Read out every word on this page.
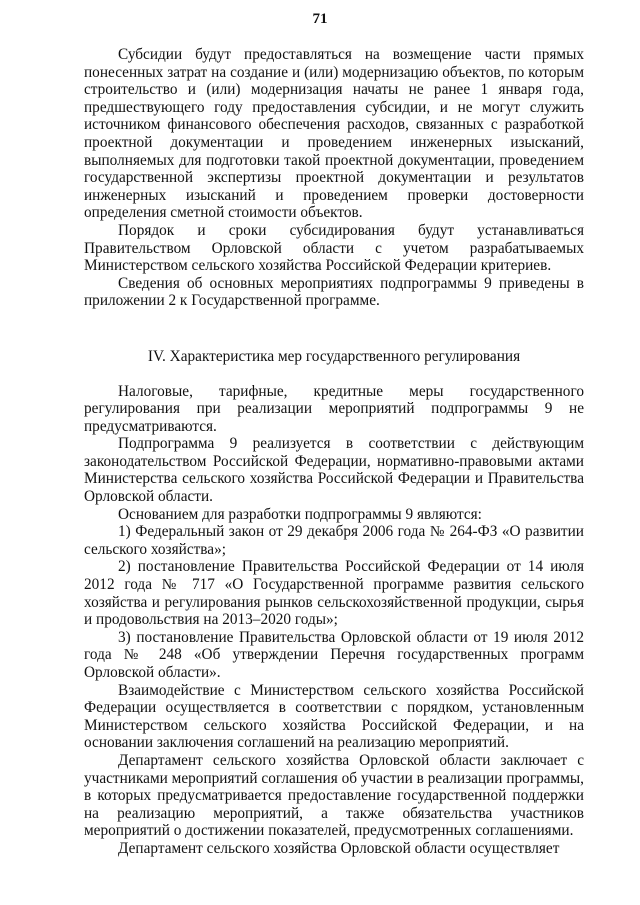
71

Субсидии будут предоставляться на возмещение части прямых понесенных затрат на создание и (или) модернизацию объектов, по которым строительство и (или) модернизация начаты не ранее 1 января года, предшествующего году предоставления субсидии, и не могут служить источником финансового обеспечения расходов, связанных с разработкой проектной документации и проведением инженерных изысканий, выполняемых для подготовки такой проектной документации, проведением государственной экспертизы проектной документации и результатов инженерных изысканий и проведением проверки достоверности определения сметной стоимости объектов.

Порядок и сроки субсидирования будут устанавливаться Правительством Орловской области с учетом разрабатываемых Министерством сельского хозяйства Российской Федерации критериев.

Сведения об основных мероприятиях подпрограммы 9 приведены в приложении 2 к Государственной программе.

IV. Характеристика мер государственного регулирования

Налоговые, тарифные, кредитные меры государственного регулирования при реализации мероприятий подпрограммы 9 не предусматриваются.

Подпрограмма 9 реализуется в соответствии с действующим законодательством Российской Федерации, нормативно-правовыми актами Министерства сельского хозяйства Российской Федерации и Правительства Орловской области.

Основанием для разработки подпрограммы 9 являются:

1) Федеральный закон от 29 декабря 2006 года № 264-ФЗ «О развитии сельского хозяйства»;

2) постановление Правительства Российской Федерации от 14 июля 2012 года № 717 «О Государственной программе развития сельского хозяйства и регулирования рынков сельскохозяйственной продукции, сырья и продовольствия на 2013–2020 годы»;

3) постановление Правительства Орловской области от 19 июля 2012 года № 248 «Об утверждении Перечня государственных программ Орловской области».

Взаимодействие с Министерством сельского хозяйства Российской Федерации осуществляется в соответствии с порядком, установленным Министерством сельского хозяйства Российской Федерации, и на основании заключения соглашений на реализацию мероприятий.

Департамент сельского хозяйства Орловской области заключает с участниками мероприятий соглашения об участии в реализации программы, в которых предусматривается предоставление государственной поддержки на реализацию мероприятий, а также обязательства участников мероприятий о достижении показателей, предусмотренных соглашениями.

Департамент сельского хозяйства Орловской области осуществляет
